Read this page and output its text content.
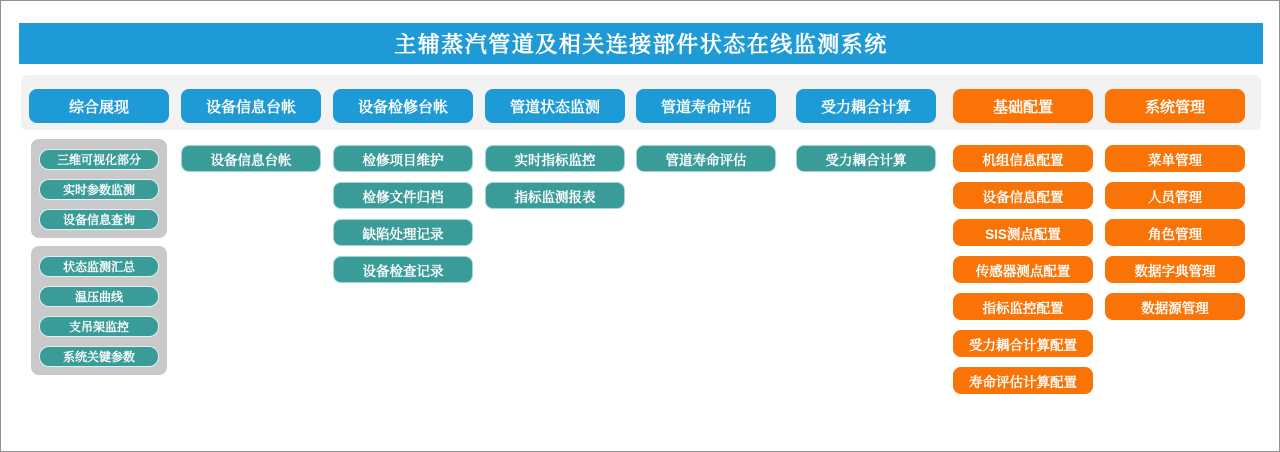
主辅蒸汽管道及相关连接部件状态在线监测系统
综合展现
三维可视化部分
实时参数监测
设备信息查询
状态监测汇总
温压曲线
支吊架监控
系统关键参数
设备信息台帐
设备信息台帐
设备检修台帐
检修项目维护
检修文件归档
缺陷处理记录
设备检查记录
管道状态监测
实时指标监控
指标监测报表
管道寿命评估
管道寿命评估
受力耦合计算
受力耦合计算
基础配置
机组信息配置
设备信息配置
SIS测点配置
传感器测点配置
指标监控配置
受力耦合计算配置
寿命评估计算配置
系统管理
菜单管理
人员管理
角色管理
数据字典管理
数据源管理
